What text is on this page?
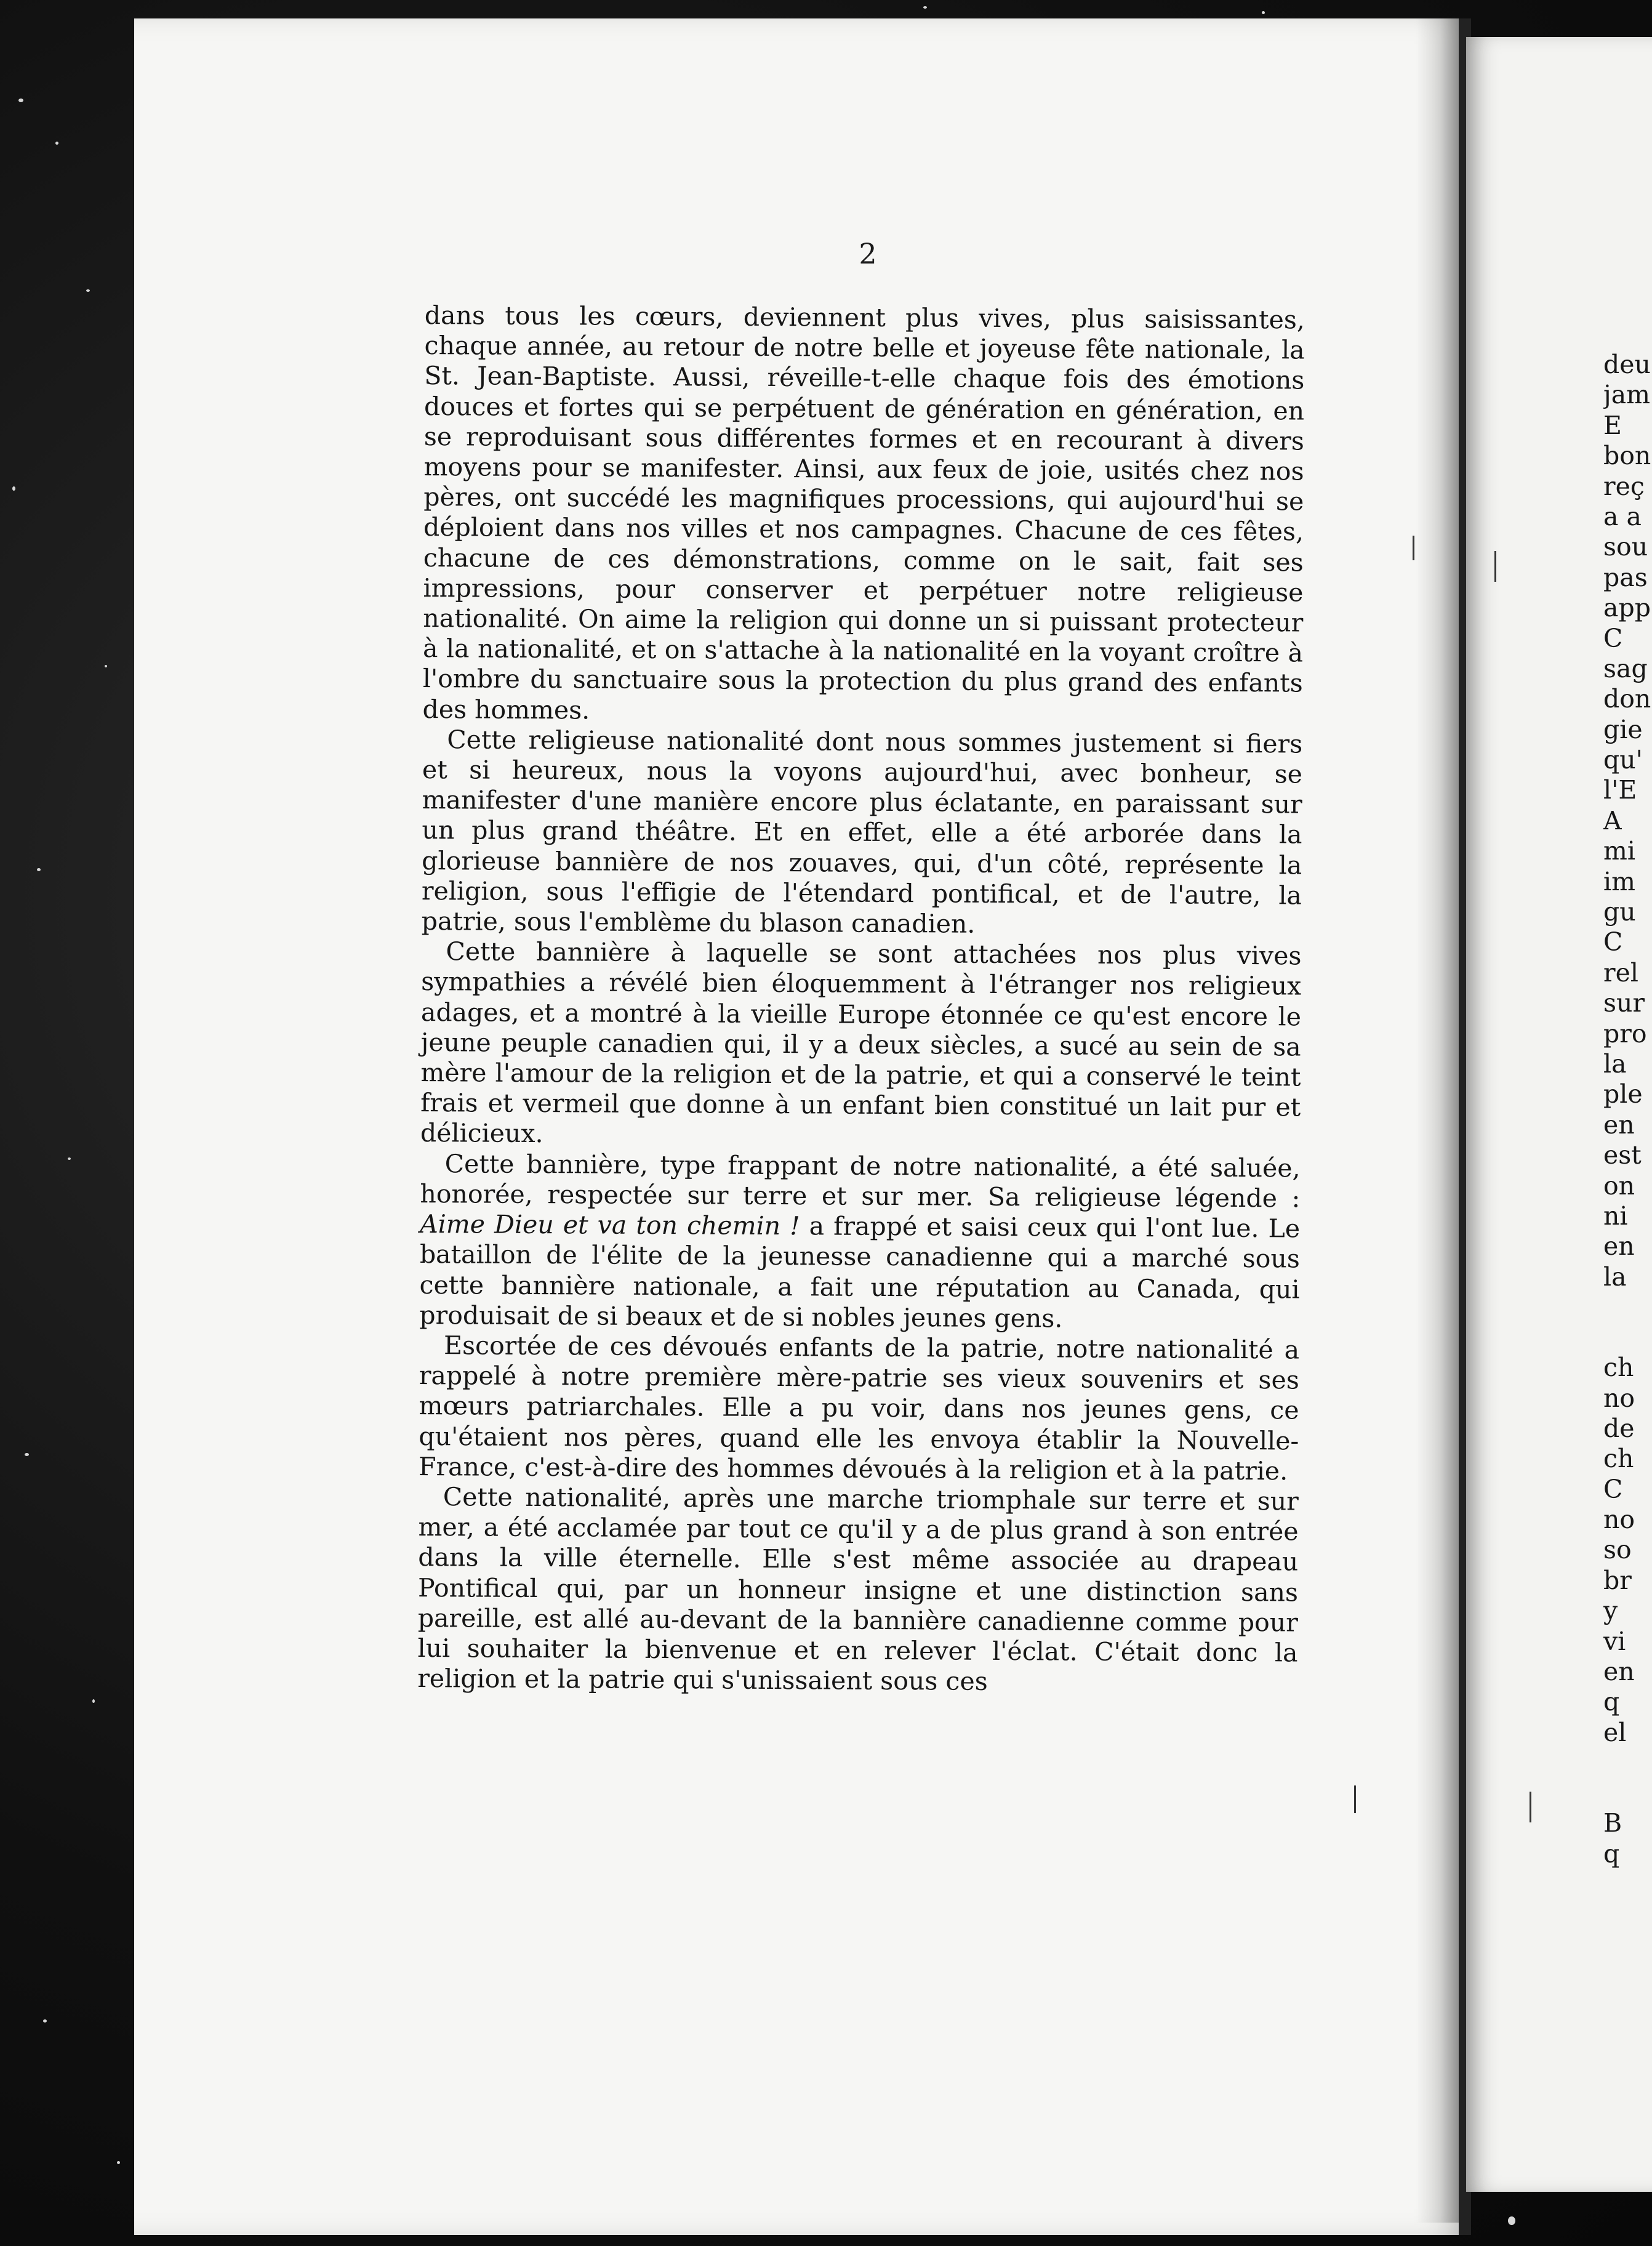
2

dans tous les cœurs, deviennent plus vives, plus saisissantes, chaque année, au retour de notre belle et joyeuse fête nationale, la St. Jean-Baptiste. Aussi, réveille-t-elle chaque fois des émotions douces et fortes qui se perpétuent de génération en génération, en se reproduisant sous différentes formes et en recourant à divers moyens pour se manifester. Ainsi, aux feux de joie, usités chez nos pères, ont succédé les magnifiques processions, qui aujourd'hui se déploient dans nos villes et nos campagnes. Chacune de ces fêtes, chacune de ces démonstrations, comme on le sait, fait ses impressions, pour conserver et perpétuer notre religieuse nationalité. On aime la religion qui donne un si puissant protecteur à la nationalité, et on s'attache à la nationalité en la voyant croître à l'ombre du sanctuaire sous la protection du plus grand des enfants des hommes.

Cette religieuse nationalité dont nous sommes justement si fiers et si heureux, nous la voyons aujourd'hui, avec bonheur, se manifester d'une manière encore plus éclatante, en paraissant sur un plus grand théâtre. Et en effet, elle a été arborée dans la glorieuse bannière de nos zouaves, qui, d'un côté, représente la religion, sous l'effigie de l'étendard pontifical, et de l'autre, la patrie, sous l'emblème du blason canadien.

Cette bannière à laquelle se sont attachées nos plus vives sympathies a révélé bien éloquemment à l'étranger nos religieux adages, et a montré à la vieille Europe étonnée ce qu'est encore le jeune peuple canadien qui, il y a deux siècles, a sucé au sein de sa mère l'amour de la religion et de la patrie, et qui a conservé le teint frais et vermeil que donne à un enfant bien constitué un lait pur et délicieux.

Cette bannière, type frappant de notre nationalité, a été saluée, honorée, respectée sur terre et sur mer. Sa religieuse légende : Aime Dieu et va ton chemin ! a frappé et saisi ceux qui l'ont lue. Le bataillon de l'élite de la jeunesse canadienne qui a marché sous cette bannière nationale, a fait une réputation au Canada, qui produisait de si beaux et de si nobles jeunes gens.

Escortée de ces dévoués enfants de la patrie, notre nationalité a rappelé à notre première mère-patrie ses vieux souvenirs et ses mœurs patriarchales. Elle a pu voir, dans nos jeunes gens, ce qu'étaient nos pères, quand elle les envoya établir la Nouvelle-France, c'est-à-dire des hommes dévoués à la religion et à la patrie.

Cette nationalité, après une marche triomphale sur terre et sur mer, a été acclamée par tout ce qu'il y a de plus grand à son entrée dans la ville éternelle. Elle s'est même associée au drapeau Pontifical qui, par un honneur insigne et une distinction sans pareille, est allé au-devant de la bannière canadienne comme pour lui souhaiter la bienvenue et en relever l'éclat. C'était donc la religion et la patrie qui s'unissaient sous ces

deu
jam
E
bon
reç
a a
sou
pas
app
C
sag
don
gie
qu'
l'E
A
mi
im
gu
C
rel
sur
pro
la
ple
en
est
on
ni
en
la
ch
no
de
ch
C
no
so
br
y
vi
en
q
el
B
q
